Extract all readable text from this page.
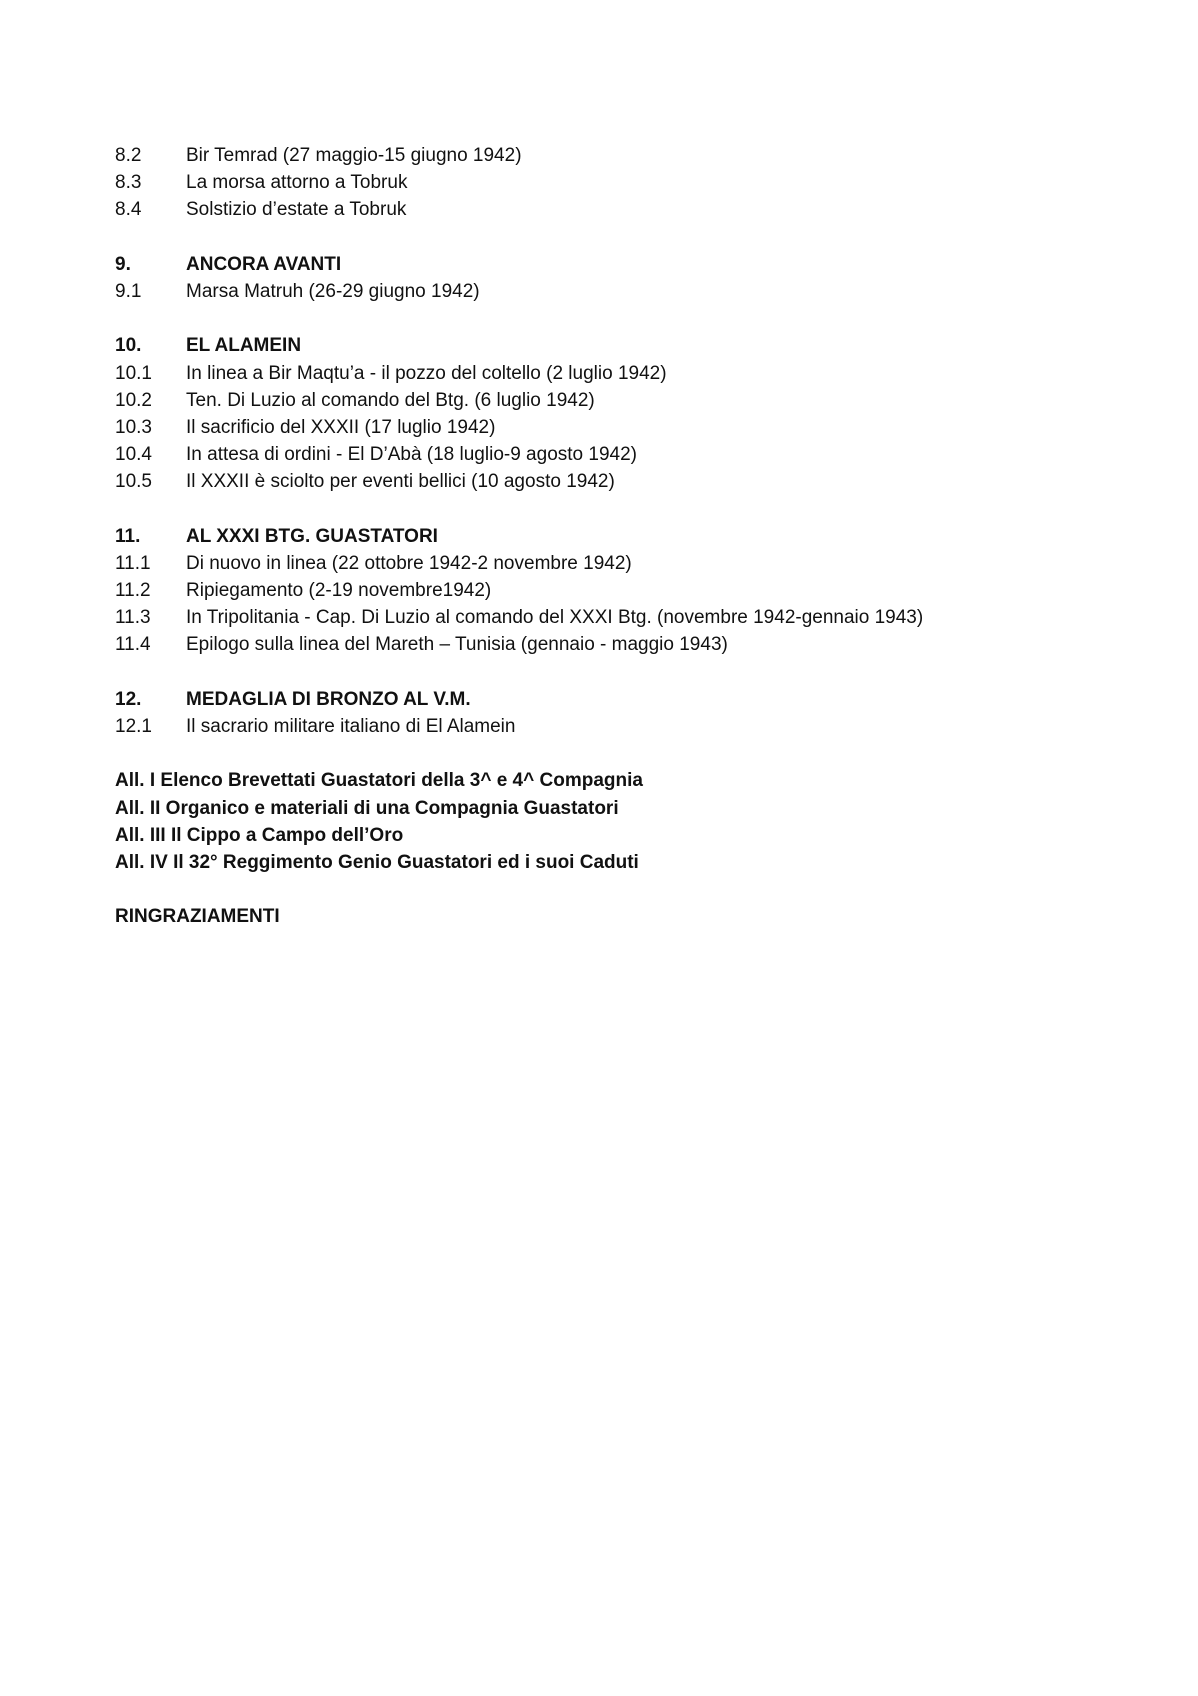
8.2	Bir Temrad (27 maggio-15 giugno 1942)
8.3	La morsa attorno a Tobruk
8.4	Solstizio d’estate a Tobruk
9.	ANCORA AVANTI
9.1	Marsa Matruh (26-29 giugno 1942)
10.	EL ALAMEIN
10.1	In linea a Bir Maqtu’a - il pozzo del coltello (2 luglio 1942)
10.2	Ten. Di Luzio al comando del Btg. (6 luglio 1942)
10.3	Il sacrificio del XXXII (17 luglio 1942)
10.4	In attesa di ordini - El D’Abà (18 luglio-9 agosto 1942)
10.5	Il XXXII è sciolto per eventi bellici (10 agosto 1942)
11.	AL XXXI BTG. GUASTATORI
11.1	Di nuovo in linea (22 ottobre 1942-2 novembre 1942)
11.2	Ripiegamento (2-19 novembre1942)
11.3	In Tripolitania - Cap. Di Luzio al comando del XXXI Btg. (novembre 1942-gennaio 1943)
11.4	Epilogo sulla linea del Mareth – Tunisia (gennaio - maggio 1943)
12.	MEDAGLIA DI BRONZO AL V.M.
12.1	Il sacrario militare italiano di El Alamein
All. I Elenco Brevettati Guastatori della 3^ e 4^ Compagnia
All. II Organico e materiali di una Compagnia Guastatori
All. III Il Cippo a Campo dell’Oro
All. IV Il 32° Reggimento Genio Guastatori ed i suoi Caduti
RINGRAZIAMENTI
